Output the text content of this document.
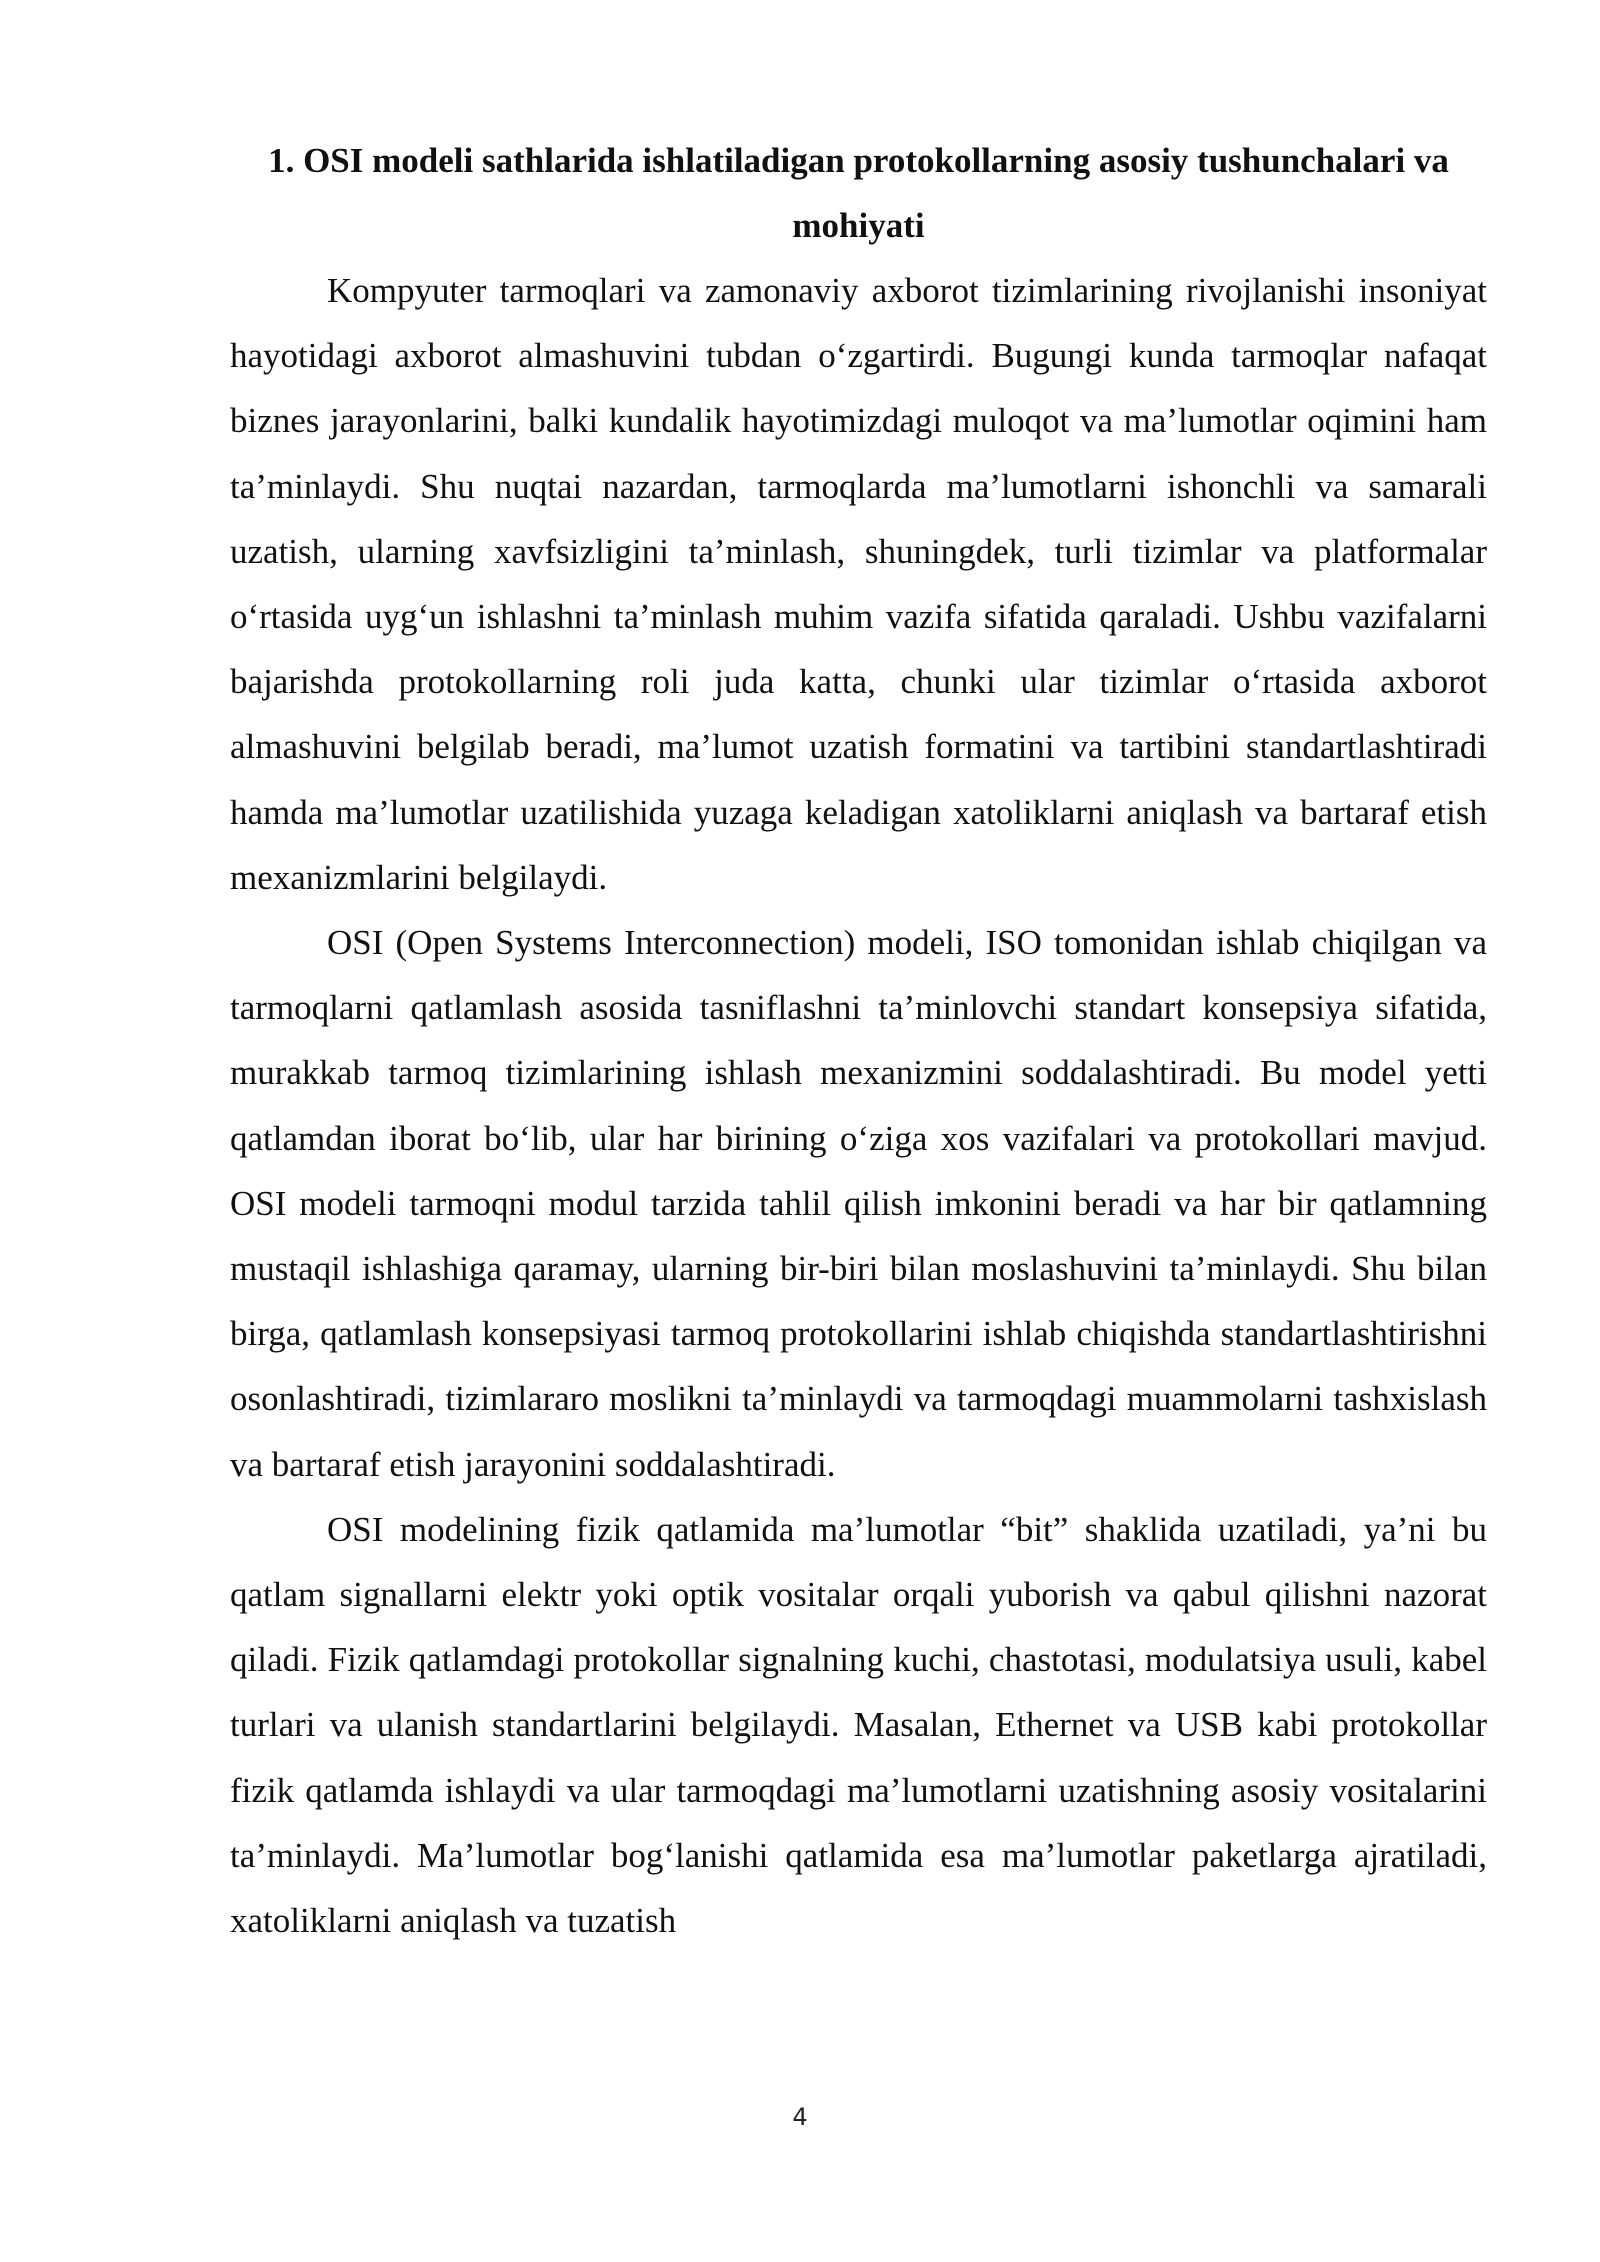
1. OSI modeli sathlarida ishlatiladigan protokollarning asosiy tushunchalari va mohiyati

Kompyuter tarmoqlari va zamonaviy axborot tizimlarining rivojlanishi insoniyat hayotidagi axborot almashuvini tubdan o‘zgartirdi. Bugungi kunda tarmoqlar nafaqat biznes jarayonlarini, balki kundalik hayotimizdagi muloqot va ma’lumotlar oqimini ham ta’minlaydi. Shu nuqtai nazardan, tarmoqlarda ma’lumotlarni ishonchli va samarali uzatish, ularning xavfsizligini ta’minlash, shuningdek, turli tizimlar va platformalar o‘rtasida uyg‘un ishlashni ta’minlash muhim vazifa sifatida qaraladi. Ushbu vazifalarni bajarishda protokollarning roli juda katta, chunki ular tizimlar o‘rtasida axborot almashuvini belgilab beradi, ma’lumot uzatish formatini va tartibini standartlashtiradi hamda ma’lumotlar uzatilishida yuzaga keladigan xatoliklarni aniqlash va bartaraf etish mexanizmlarini belgilaydi.

OSI (Open Systems Interconnection) modeli, ISO tomonidan ishlab chiqilgan va tarmoqlarni qatlamlash asosida tasniflashni ta’minlovchi standart konsepsiya sifatida, murakkab tarmoq tizimlarining ishlash mexanizmini soddalashtiradi. Bu model yetti qatlamdan iborat bo‘lib, ular har birining o‘ziga xos vazifalari va protokollari mavjud. OSI modeli tarmoqni modul tarzida tahlil qilish imkonini beradi va har bir qatlamning mustaqil ishlashiga qaramay, ularning bir-biri bilan moslashuvini ta’minlaydi. Shu bilan birga, qatlamlash konsepsiyasi tarmoq protokollarini ishlab chiqishda standartlashtirishni osonlashtiradi, tizimlararo moslikni ta’minlaydi va tarmoqdagi muammolarni tashxislash va bartaraf etish jarayonini soddalashtiradi.

OSI modelining fizik qatlamida ma’lumotlar “bit” shaklida uzatiladi, ya’ni bu qatlam signallarni elektr yoki optik vositalar orqali yuborish va qabul qilishni nazorat qiladi. Fizik qatlamdagi protokollar signalning kuchi, chastotasi, modulatsiya usuli, kabel turlari va ulanish standartlarini belgilaydi. Masalan, Ethernet va USB kabi protokollar fizik qatlamda ishlaydi va ular tarmoqdagi ma’lumotlarni uzatishning asosiy vositalarini ta’minlaydi. Ma’lumotlar bog‘lanishi qatlamida esa ma’lumotlar paketlarga ajratiladi, xatoliklarni aniqlash va tuzatish

4
